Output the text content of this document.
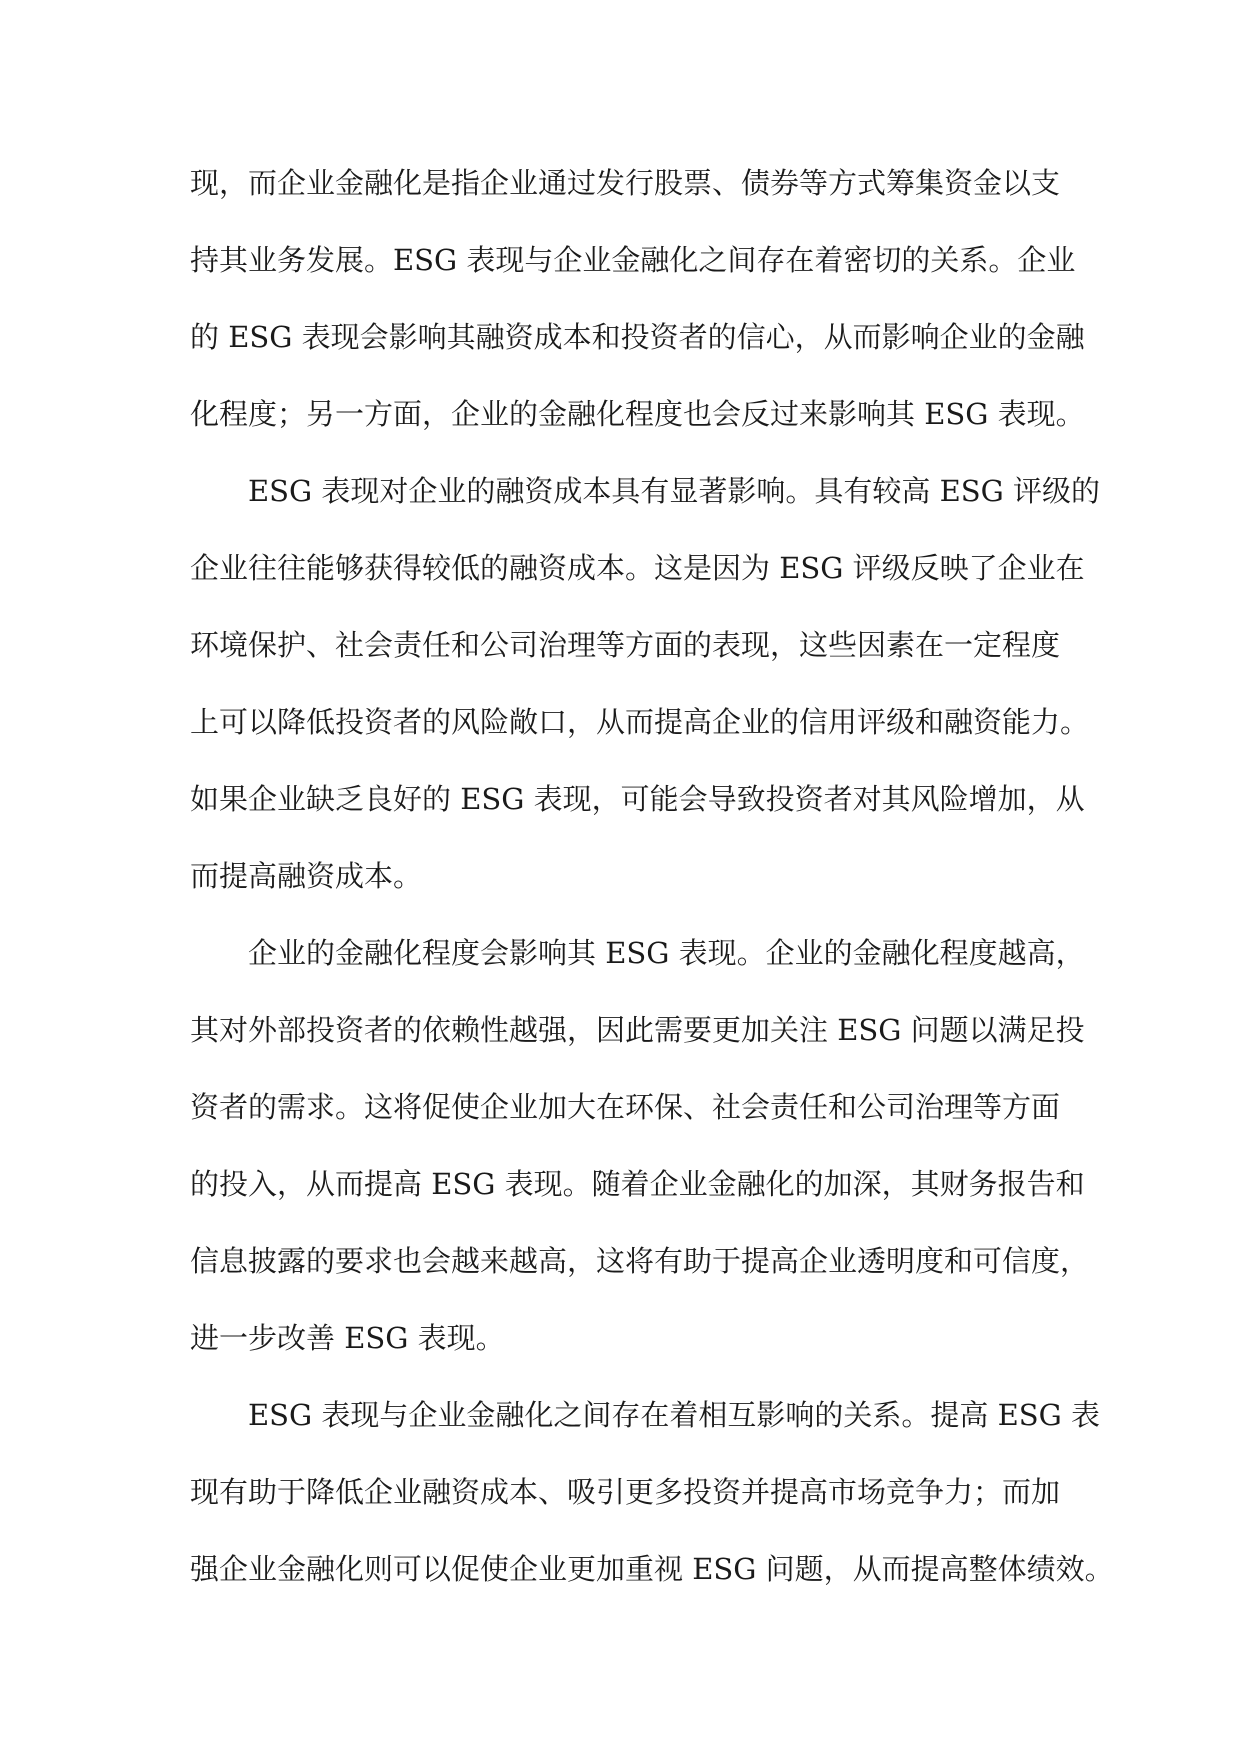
现，而企业金融化是指企业通过发行股票、债券等方式筹集资金以支
持其业务发展。ESG 表现与企业金融化之间存在着密切的关系。企业
的 ESG 表现会影响其融资成本和投资者的信心，从而影响企业的金融
化程度；另一方面，企业的金融化程度也会反过来影响其 ESG 表现。
ESG 表现对企业的融资成本具有显著影响。具有较高 ESG 评级的
企业往往能够获得较低的融资成本。这是因为 ESG 评级反映了企业在
环境保护、社会责任和公司治理等方面的表现，这些因素在一定程度
上可以降低投资者的风险敞口，从而提高企业的信用评级和融资能力。
如果企业缺乏良好的 ESG 表现，可能会导致投资者对其风险增加，从
而提高融资成本。
企业的金融化程度会影响其 ESG 表现。企业的金融化程度越高，
其对外部投资者的依赖性越强，因此需要更加关注 ESG 问题以满足投
资者的需求。这将促使企业加大在环保、社会责任和公司治理等方面
的投入，从而提高 ESG 表现。随着企业金融化的加深，其财务报告和
信息披露的要求也会越来越高，这将有助于提高企业透明度和可信度，
进一步改善 ESG 表现。
ESG 表现与企业金融化之间存在着相互影响的关系。提高 ESG 表
现有助于降低企业融资成本、吸引更多投资并提高市场竞争力；而加
强企业金融化则可以促使企业更加重视 ESG 问题，从而提高整体绩效。
